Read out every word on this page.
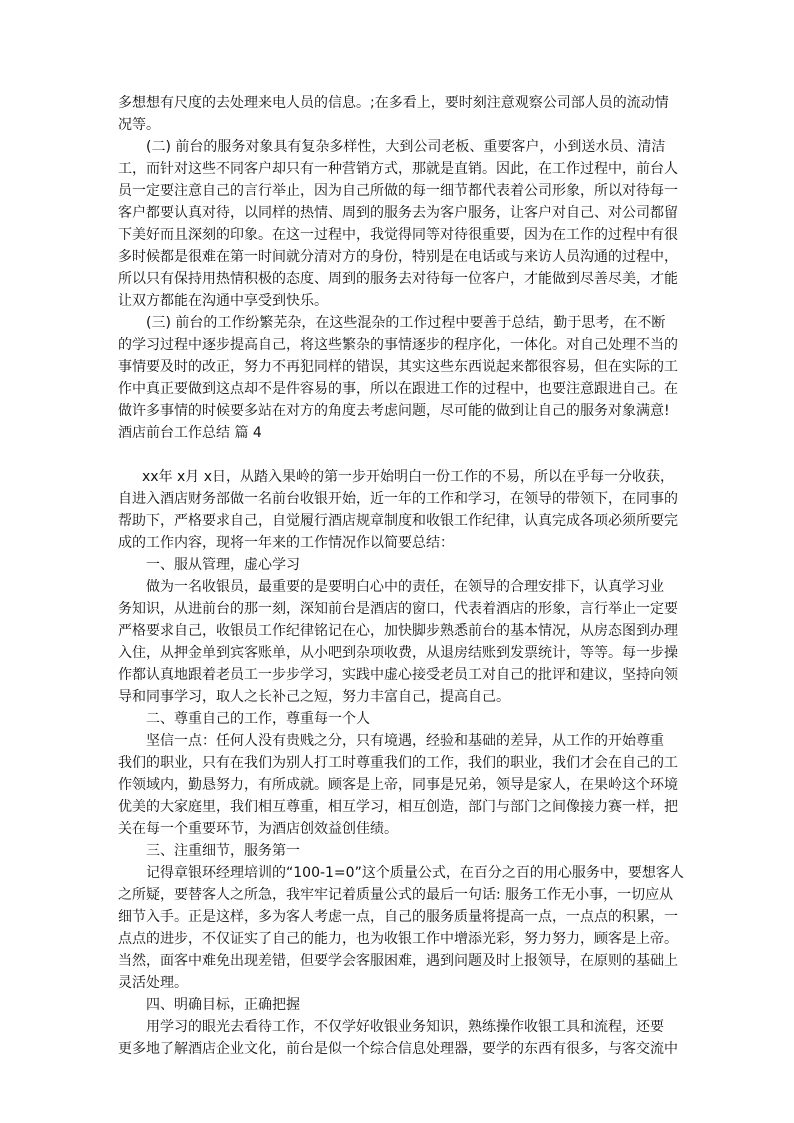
多想想有尺度的去处理来电人员的信息。;在多看上，要时刻注意观察公司部人员的流动情
况等。
(二) 前台的服务对象具有复杂多样性，大到公司老板、重要客户，小到送水员、清洁
工，而针对这些不同客户却只有一种营销方式，那就是直销。因此，在工作过程中，前台人
员一定要注意自己的言行举止，因为自己所做的每一细节都代表着公司形象，所以对待每一
客户都要认真对待，以同样的热情、周到的服务去为客户服务，让客户对自己、对公司都留
下美好而且深刻的印象。在这一过程中，我觉得同等对待很重要，因为在工作的过程中有很
多时候都是很难在第一时间就分清对方的身份，特别是在电话或与来访人员沟通的过程中，
所以只有保持用热情积极的态度、周到的服务去对待每一位客户，才能做到尽善尽美，才能
让双方都能在沟通中享受到快乐。
(三) 前台的工作纷繁芜杂，在这些混杂的工作过程中要善于总结，勤于思考，在不断
的学习过程中逐步提高自己，将这些繁杂的事情逐步的程序化，一体化。对自己处理不当的
事情要及时的改正，努力不再犯同样的错误，其实这些东西说起来都很容易，但在实际的工
作中真正要做到这点却不是件容易的事，所以在跟进工作的过程中，也要注意跟进自己。在
做许多事情的时候要多站在对方的角度去考虑问题，尽可能的做到让自己的服务对象满意!
酒店前台工作总结 篇 4
xx年 x月 x日，从踏入果岭的第一步开始明白一份工作的不易，所以在乎每一分收获，
自进入酒店财务部做一名前台收银开始，近一年的工作和学习，在领导的带领下，在同事的
帮助下，严格要求自己，自觉履行酒店规章制度和收银工作纪律，认真完成各项必须所要完
成的工作内容，现将一年来的工作情况作以简要总结：
一、服从管理，虚心学习
做为一名收银员，最重要的是要明白心中的责任，在领导的合理安排下，认真学习业
务知识，从进前台的那一刻，深知前台是酒店的窗口，代表着酒店的形象，言行举止一定要
严格要求自己，收银员工作纪律铭记在心，加快脚步熟悉前台的基本情况，从房态图到办理
入住，从押金单到宾客账单，从小吧到杂项收费，从退房结账到发票统计，等等。每一步操
作都认真地跟着老员工一步步学习，实践中虚心接受老员工对自己的批评和建议，坚持向领
导和同事学习，取人之长补己之短，努力丰富自己，提高自己。
二、尊重自己的工作，尊重每一个人
坚信一点：任何人没有贵贱之分，只有境遇，经验和基础的差异，从工作的开始尊重
我们的职业，只有在我们为别人打工时尊重我们的工作，我们的职业，我们才会在自己的工
作领域内，勤恳努力，有所成就。顾客是上帝，同事是兄弟，领导是家人，在果岭这个环境
优美的大家庭里，我们相互尊重，相互学习，相互创造，部门与部门之间像接力赛一样，把
关在每一个重要环节，为酒店创效益创佳绩。
三、注重细节，服务第一
记得章银环经理培训的“100-1=0”这个质量公式，在百分之百的用心服务中，要想客人
之所疑，要替客人之所急，我牢牢记着质量公式的最后一句话: 服务工作无小事，一切应从
细节入手。正是这样，多为客人考虑一点，自己的服务质量将提高一点，一点点的积累，一
点点的进步，不仅证实了自己的能力，也为收银工作中增添光彩，努力努力，顾客是上帝。
当然，面客中难免出现差错，但要学会客服困难，遇到问题及时上报领导，在原则的基础上
灵活处理。
四、明确目标，正确把握
用学习的眼光去看待工作，不仅学好收银业务知识，熟练操作收银工具和流程，还要
更多地了解酒店企业文化，前台是似一个综合信息处理器，要学的东西有很多，与客交流中
